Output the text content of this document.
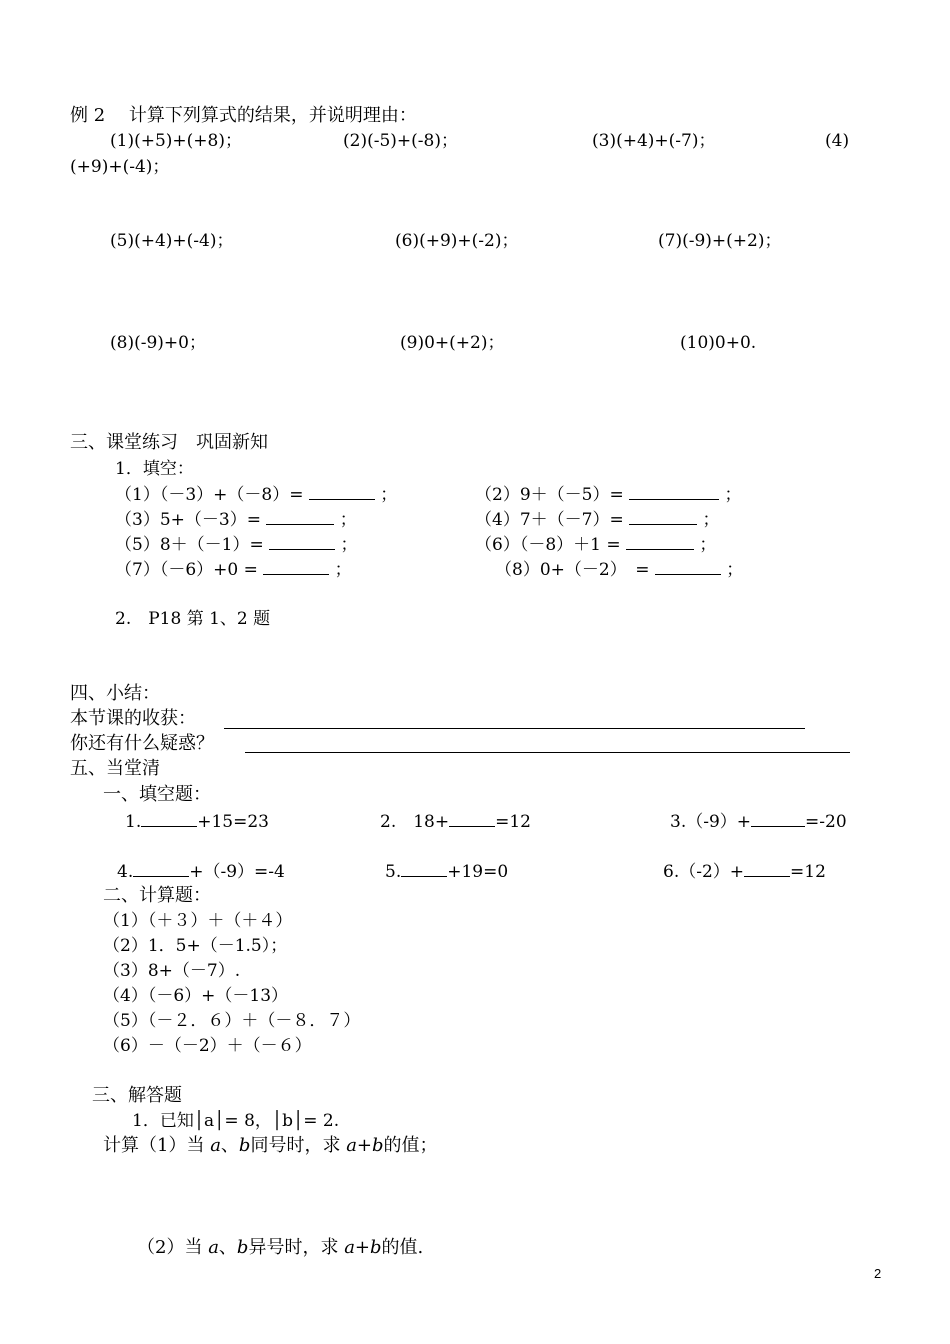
例 2　 计算下列算式的结果，并说明理由：
(1)(+5)+(+8)；	(2)(-5)+(-8)；	(3)(+4)+(-7)；	(4)
(+9)+(-4)；
(5)(+4)+(-4)；	(6)(+9)+(-2)；	(7)(-9)+(+2)；
(8)(-9)+0；	(9)0+(+2)；	(10)0+0.
三、课堂练习　巩固新知
1．填空：
（1）（－3）+（－8）=	；	（2）9＋（－5）=	；
（3）5+（－3）=	；	（4）7＋（－7）=	；
（5）8＋（－1）=	；	（6）（－8）＋1 =	；
（7）（－6）+0 =	；	（8）0+（－2）　=	；
2.　P18 第 1、2 题
四、小结：
本节课的收获：
你还有什么疑惑？
五、当堂清
一、填空题：
1.	+15=23	2.　18+	=12	3.（-9）+	=-20
4.	+（-9）=-4	5.	+19=0	6.（-2）+	=12
二、计算题：
（1）（＋３）＋（＋４）
（2）1．5+（－1.5）；
（3）8+（－7）.
（4）（－6）+（－13）
（5）（－２．６）＋（－８．７）
（6）－（－2）＋（－６）
三、解答题
1．已知│a│= 8，│b│= 2.
计算（1）当 a、b同号时，求 a+b的值；
（2）当 a、b异号时，求 a+b的值.
2
